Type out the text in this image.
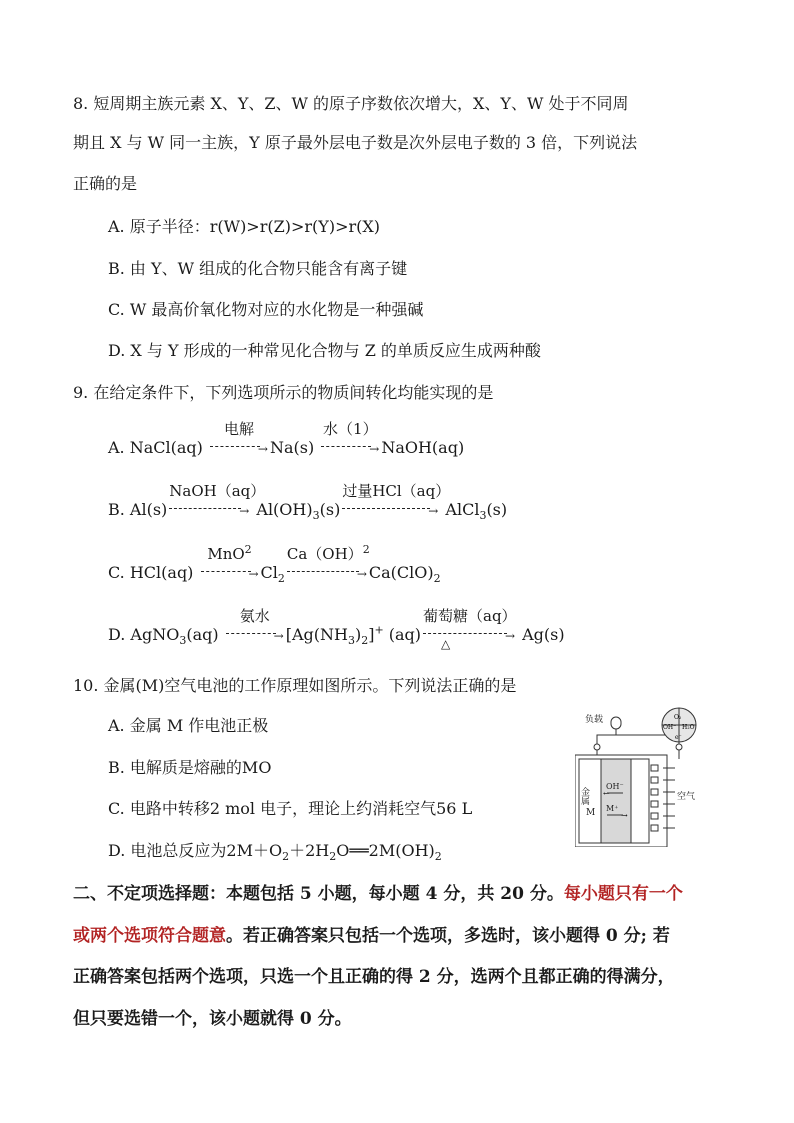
8. 短周期主族元素 X、Y、Z、W 的原子序数依次增大，X、Y、W 处于不同周
期且 X 与 W 同一主族，Y 原子最外层电子数是次外层电子数的 3 倍，下列说法
正确的是
A. 原子半径：r(W)>r(Z)>r(Y)>r(X)
B. 由 Y、W 组成的化合物只能含有离子键
C. W 最高价氧化物对应的水化物是一种强碱
D. X 与 Y 形成的一种常见化合物与 Z 的单质反应生成两种酸
9. 在给定条件下，下列选项所示的物质间转化均能实现的是
A. NaCl(aq)
电解
→ Na(s)
水（1）
→ NaOH(aq)
B. Al(s)
NaOH（aq）
→ $Al(OH)_3(s)$
过量HCl（aq）
→ AlCl$_3$(s)
C. HCl(aq)
MnO$^2$
→ $Cl_2$
Ca（OH）$^2$
→ $Ca(ClO)_2$
D. AgNO$_3$(aq)
氨水
→ $[Ag(NH_3)_2]^+$ (aq)
葡萄糖（aq）
△
→ Ag(s)
10. 金属(M)空气电池的工作原理如图所示。下列说法正确的是
A. 金属 M 作电池正极
B. 电解质是熔融的MO
C. 电路中转移2 mol 电子，理论上约消耗空气56 L
D. 电池总反应为$2M+O_2+2H_2O══2M(OH)_2$
负载
金属
M
OH⁻
M⁺
←
→
空气
O₂
OH⁻ H₂O
e⁻
二、不定项选择题：本题包括 5 小题，每小题 4 分，共 20 分。每小题只有一个
或两个选项符合题意。若正确答案只包括一个选项，多选时，该小题得 0 分; 若
正确答案包括两个选项，只选一个且正确的得 2 分，选两个且都正确的得满分，
但只要选错一个，该小题就得 0 分。
